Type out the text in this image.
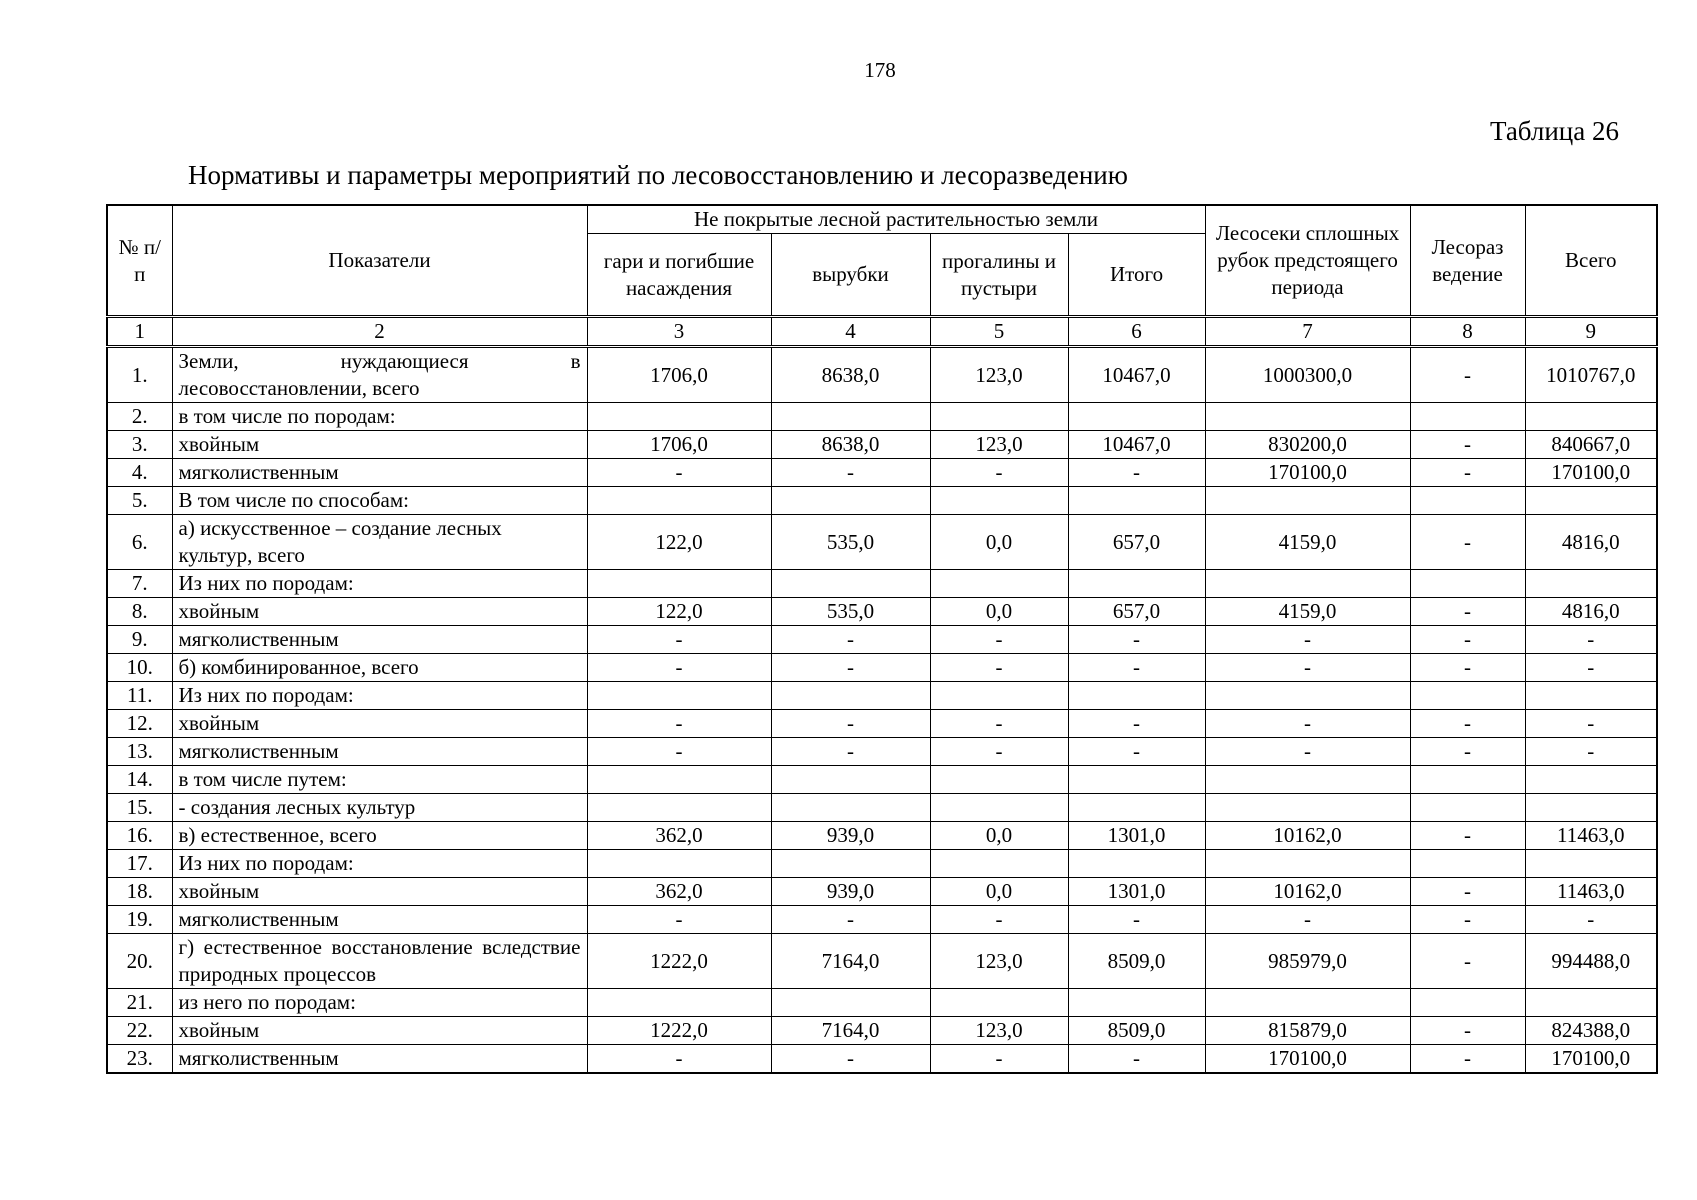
178
Таблица 26
Нормативы и параметры мероприятий по лесовосстановлению и лесоразведению
№ п/п	Показатели	Не покрытые лесной растительностью земли				Лесосеки сплошных рубок предстоящего периода	Лесораз ведение	Всего
		гари и погибшие насаждения	вырубки	прогалины и пустыри	Итого			
1	2	3	4	5	6	7	8	9
1.	Земли, нуждающиеся в лесовосстановлении, всего	1706,0	8638,0	123,0	10467,0	1000300,0	-	1010767,0
2.	в том числе по породам:							
3.	хвойным	1706,0	8638,0	123,0	10467,0	830200,0	-	840667,0
4.	мягколиственным	-	-	-	-	170100,0	-	170100,0
5.	В том числе по способам:							
6.	а) искусственное – создание лесных культур, всего	122,0	535,0	0,0	657,0	4159,0	-	4816,0
7.	Из них по породам:							
8.	хвойным	122,0	535,0	0,0	657,0	4159,0	-	4816,0
9.	мягколиственным	-	-	-	-	-	-	-
10.	б) комбинированное, всего	-	-	-	-	-	-	-
11.	Из них по породам:							
12.	хвойным	-	-	-	-	-	-	-
13.	мягколиственным	-	-	-	-	-	-	-
14.	в том числе путем:							
15.	- создания лесных культур							
16.	в) естественное, всего	362,0	939,0	0,0	1301,0	10162,0	-	11463,0
17.	Из них по породам:							
18.	хвойным	362,0	939,0	0,0	1301,0	10162,0	-	11463,0
19.	мягколиственным	-	-	-	-	-	-	-
20.	г) естественное восстановление вследствие природных процессов	1222,0	7164,0	123,0	8509,0	985979,0	-	994488,0
21.	из него по породам:							
22.	хвойным	1222,0	7164,0	123,0	8509,0	815879,0	-	824388,0
23.	мягколиственным	-	-	-	-	170100,0	-	170100,0
